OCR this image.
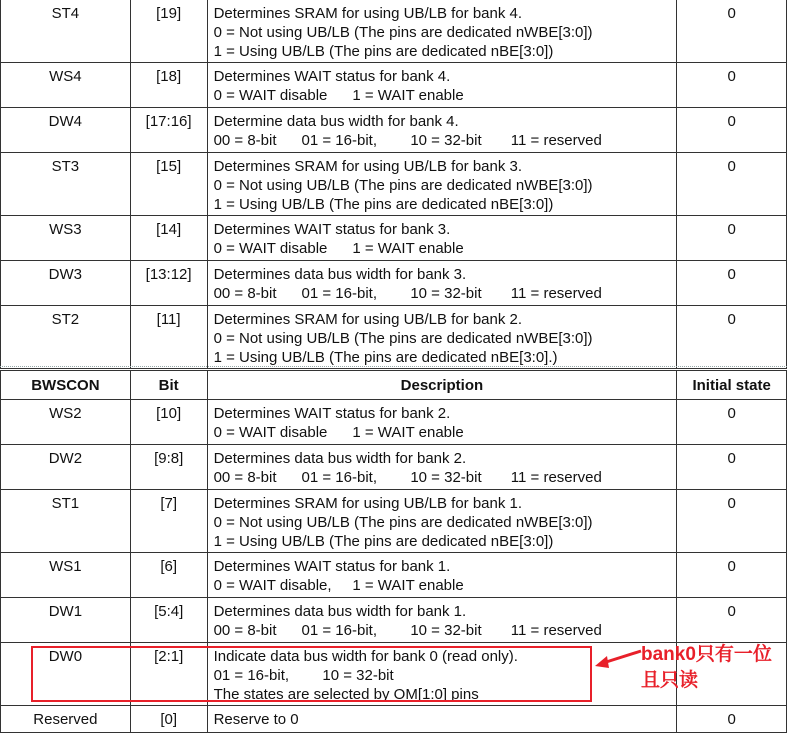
ST4	[19]	Determines SRAM for using UB/LB for bank 4.
0 = Not using UB/LB (The pins are dedicated nWBE[3:0])
1 = Using UB/LB (The pins are dedicated nBE[3:0])	0
WS4	[18]	Determines WAIT status for bank 4.
0 = WAIT disable      1 = WAIT enable	0
DW4	[17:16]	Determine data bus width for bank 4.
00 = 8-bit      01 = 16-bit,        10 = 32-bit       11 = reserved	0
ST3	[15]	Determines SRAM for using UB/LB for bank 3.
0 = Not using UB/LB (The pins are dedicated nWBE[3:0])
1 = Using UB/LB (The pins are dedicated nBE[3:0])	0
WS3	[14]	Determines WAIT status for bank 3.
0 = WAIT disable      1 = WAIT enable	0
DW3	[13:12]	Determines data bus width for bank 3.
00 = 8-bit      01 = 16-bit,        10 = 32-bit       11 = reserved	0
ST2	[11]	Determines SRAM for using UB/LB for bank 2.
0 = Not using UB/LB (The pins are dedicated nWBE[3:0])
1 = Using UB/LB (The pins are dedicated nBE[3:0].)	0
BWSCON	Bit	Description	Initial state
WS2	[10]	Determines WAIT status for bank 2.
0 = WAIT disable      1 = WAIT enable	0
DW2	[9:8]	Determines data bus width for bank 2.
00 = 8-bit      01 = 16-bit,        10 = 32-bit       11 = reserved	0
ST1	[7]	Determines SRAM for using UB/LB for bank 1.
0 = Not using UB/LB (The pins are dedicated nWBE[3:0])
1 = Using UB/LB (The pins are dedicated nBE[3:0])	0
WS1	[6]	Determines WAIT status for bank 1.
0 = WAIT disable,     1 = WAIT enable	0
DW1	[5:4]	Determines data bus width for bank 1.
00 = 8-bit      01 = 16-bit,        10 = 32-bit       11 = reserved	0
DW0	[2:1]	Indicate data bus width for bank 0 (read only).
01 = 16-bit,        10 = 32-bit
The states are selected by OM[1:0] pins	

Reserved	[0]	Reserve to 0	0
bank0只有一位
且只读
